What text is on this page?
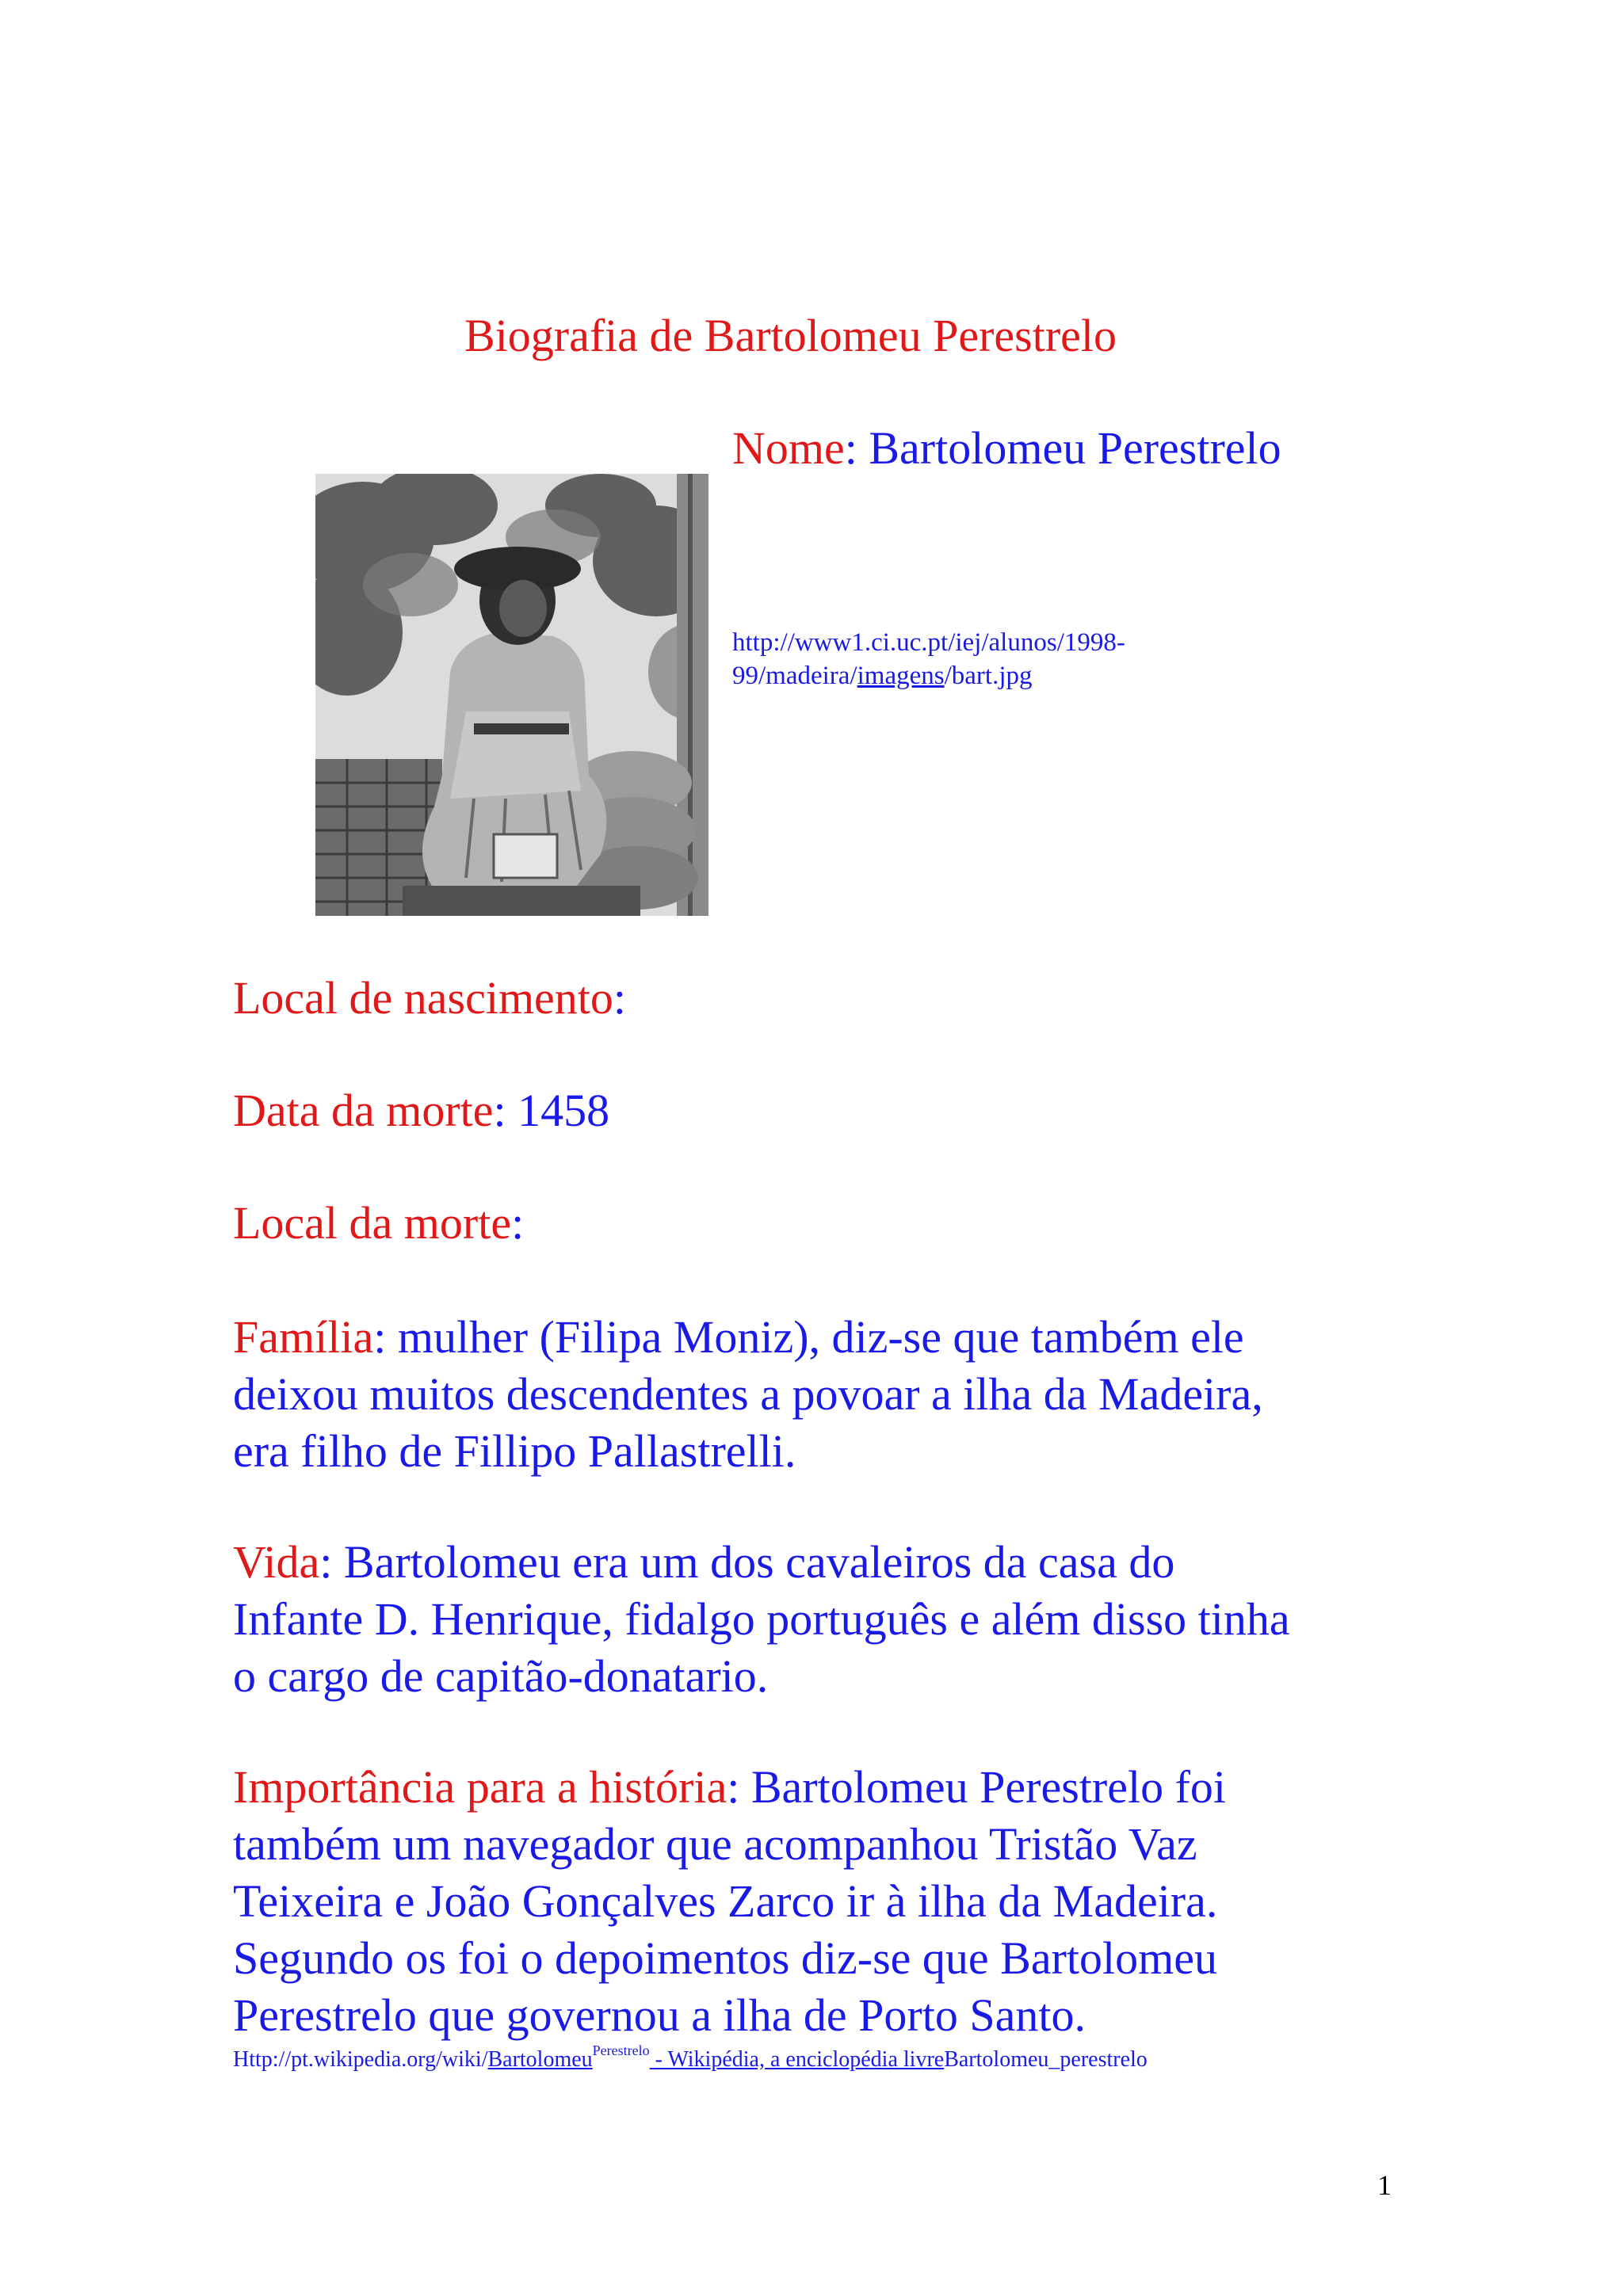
Biografia de Bartolomeu Perestrelo
Nome: Bartolomeu Perestrelo
http://www1.ci.uc.pt/iej/alunos/1998-
99/madeira/imagens/bart.jpg
Local de nascimento:
Data da morte: 1458
Local da morte:
Família: mulher (Filipa Moniz), diz-se que também ele
deixou muitos descendentes a povoar a ilha da Madeira,
era filho de Fillipo Pallastrelli.
Vida: Bartolomeu era um dos cavaleiros da casa do
Infante D. Henrique, fidalgo português e além disso tinha
o cargo de capitão-donatario.
Importância para a história: Bartolomeu Perestrelo foi
também um navegador que acompanhou Tristão Vaz
Teixeira e João Gonçalves Zarco ir à ilha da Madeira.
Segundo os foi o depoimentos diz-se que Bartolomeu
Perestrelo que governou a ilha de Porto Santo.
Http://pt.wikipedia.org/wiki/Bartolomeu$^{Perestrelo}$ - Wikipédia, a enciclopédia livreBartolomeu_perestrelo
1
